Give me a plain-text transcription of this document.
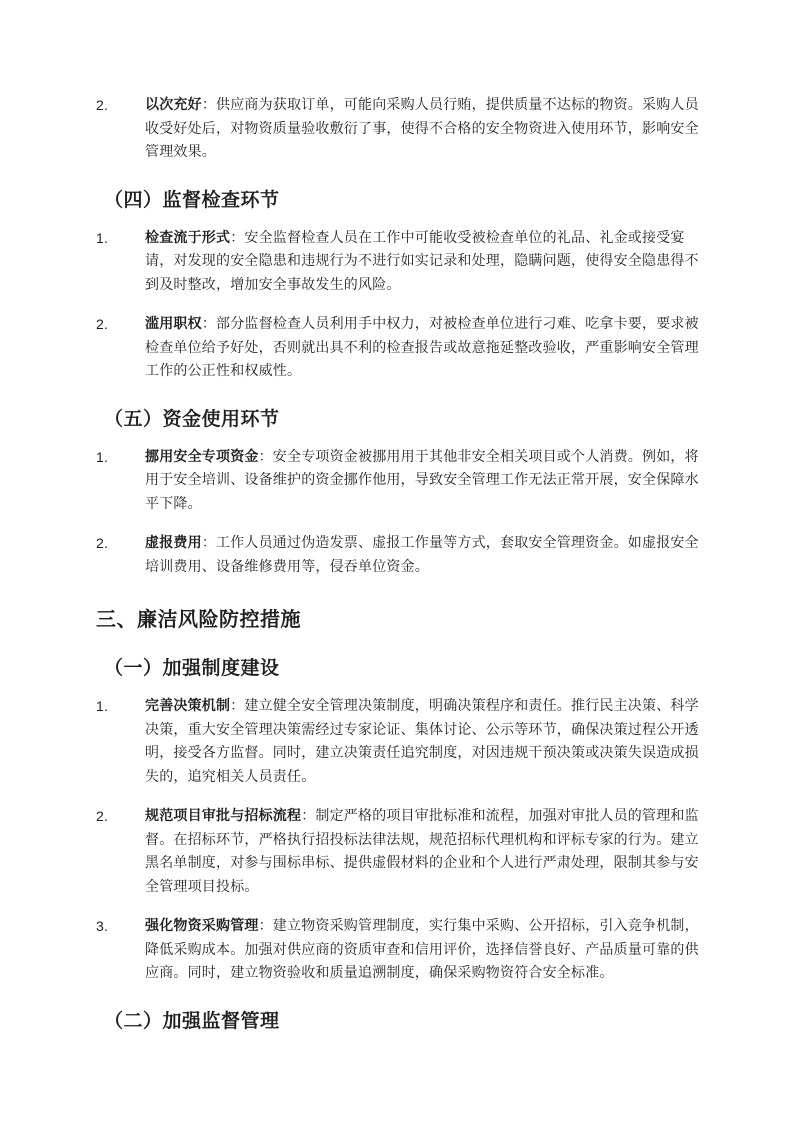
2.	以次充好：供应商为获取订单，可能向采购人员行贿，提供质量不达标的物资。采购人员收受好处后，对物资质量验收敷衍了事，使得不合格的安全物资进入使用环节，影响安全管理效果。
（四）监督检查环节
1.	检查流于形式：安全监督检查人员在工作中可能收受被检查单位的礼品、礼金或接受宴请，对发现的安全隐患和违规行为不进行如实记录和处理，隐瞒问题，使得安全隐患得不到及时整改，增加安全事故发生的风险。
2.	滥用职权：部分监督检查人员利用手中权力，对被检查单位进行刁难、吃拿卡要，要求被检查单位给予好处，否则就出具不利的检查报告或故意拖延整改验收，严重影响安全管理工作的公正性和权威性。
（五）资金使用环节
1.	挪用安全专项资金：安全专项资金被挪用用于其他非安全相关项目或个人消费。例如，将用于安全培训、设备维护的资金挪作他用，导致安全管理工作无法正常开展，安全保障水平下降。
2.	虚报费用：工作人员通过伪造发票、虚报工作量等方式，套取安全管理资金。如虚报安全培训费用、设备维修费用等，侵吞单位资金。
三、廉洁风险防控措施
（一）加强制度建设
1.	完善决策机制：建立健全安全管理决策制度，明确决策程序和责任。推行民主决策、科学决策，重大安全管理决策需经过专家论证、集体讨论、公示等环节，确保决策过程公开透明，接受各方监督。同时，建立决策责任追究制度，对因违规干预决策或决策失误造成损失的，追究相关人员责任。
2.	规范项目审批与招标流程：制定严格的项目审批标准和流程，加强对审批人员的管理和监督。在招标环节，严格执行招投标法律法规，规范招标代理机构和评标专家的行为。建立黑名单制度，对参与围标串标、提供虚假材料的企业和个人进行严肃处理，限制其参与安全管理项目投标。
3.	强化物资采购管理：建立物资采购管理制度，实行集中采购、公开招标，引入竞争机制，降低采购成本。加强对供应商的资质审查和信用评价，选择信誉良好、产品质量可靠的供应商。同时，建立物资验收和质量追溯制度，确保采购物资符合安全标准。
（二）加强监督管理
